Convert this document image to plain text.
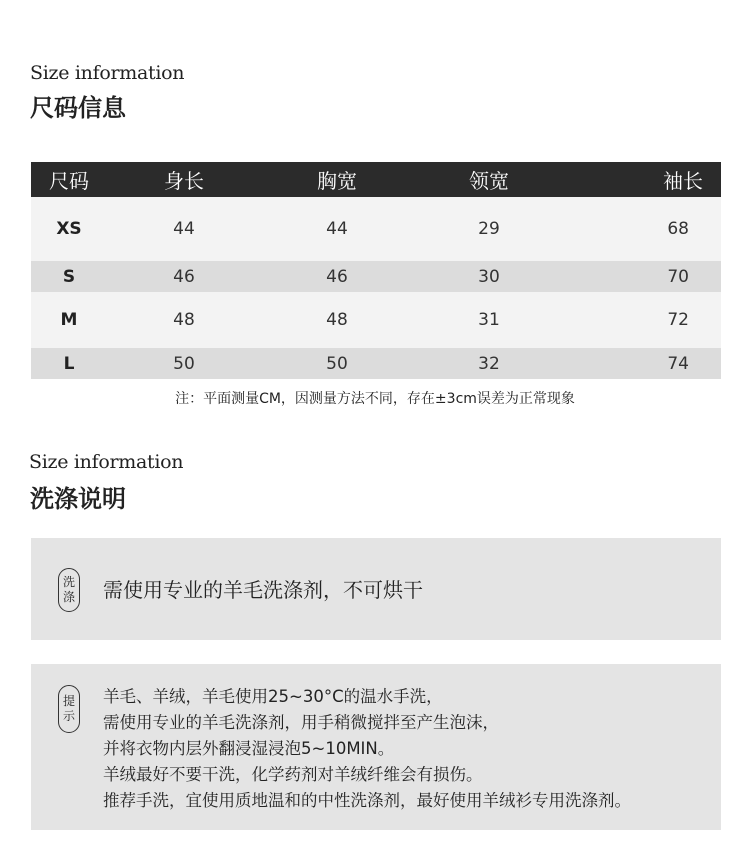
Size information
尺码信息
尺码	身长	胸宽	领宽	袖长
XS	44	44	29	68
S	46	46	30	70
M	48	48	31	72
L	50	50	32	74
注：平面测量CM，因测量方法不同，存在±3cm误差为正常现象
Size information
洗涤说明
洗
涤 需使用专业的羊毛洗涤剂，不可烘干
提
示
羊毛、羊绒，羊毛使用25~30°C的温水手洗，
需使用专业的羊毛洗涤剂，用手稍微搅拌至产生泡沫，
并将衣物内层外翻浸湿浸泡5~10MIN。
羊绒最好不要干洗，化学药剂对羊绒纤维会有损伤。
推荐手洗，宜使用质地温和的中性洗涤剂，最好使用羊绒衫专用洗涤剂。
